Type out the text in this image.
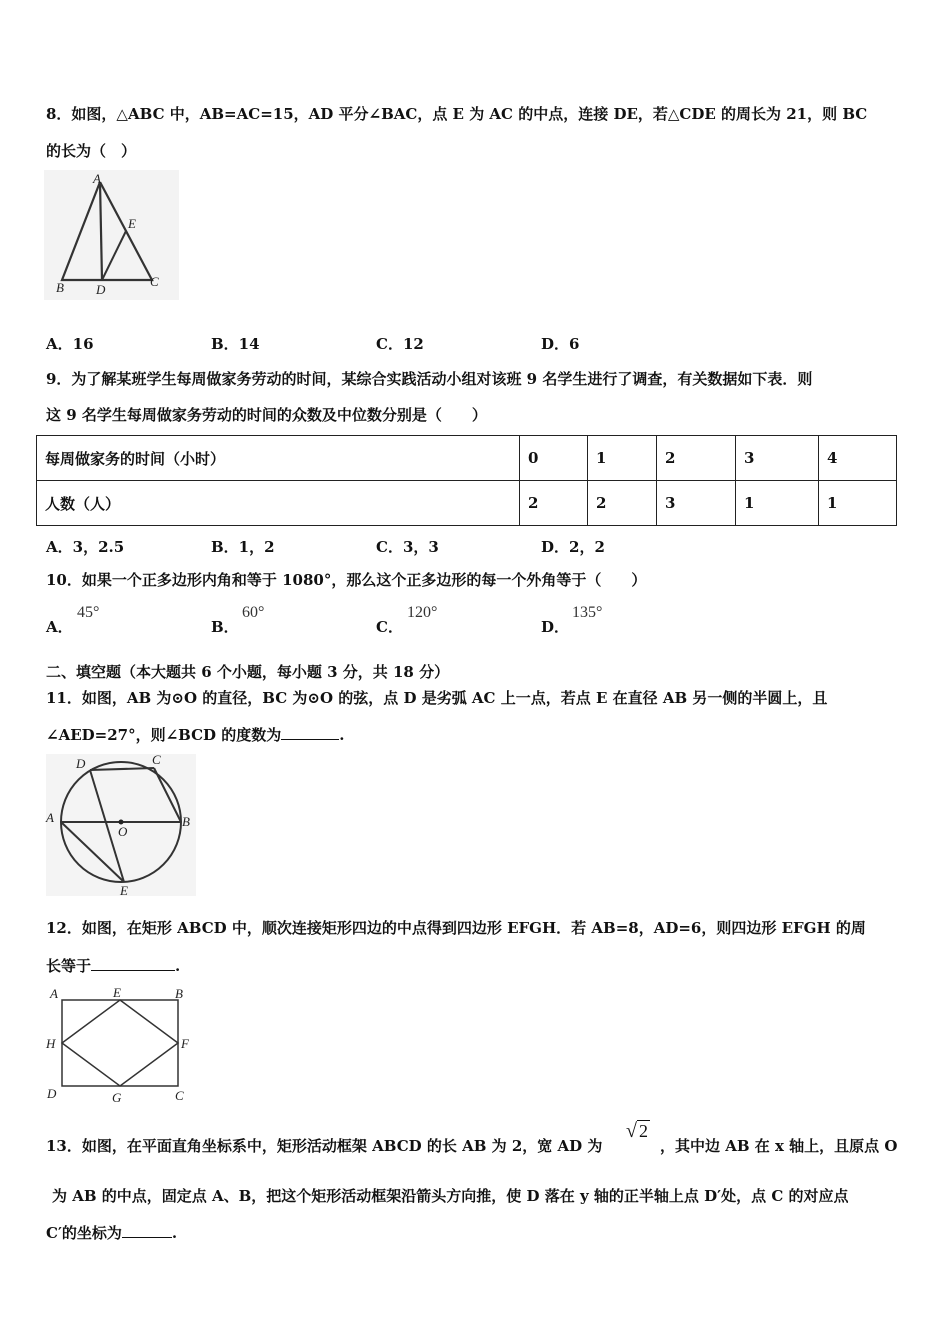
8．如图，△ABC 中，AB=AC=15，AD 平分∠BAC，点 E 为 AC 的中点，连接 DE，若△CDE 的周长为 21，则 BC
的长为（　）
A
E
B D
C
A．16	B．14	C．12	D．6
9．为了解某班学生每周做家务劳动的时间，某综合实践活动小组对该班 9 名学生进行了调查，有关数据如下表．则
这 9 名学生每周做家务劳动的时间的众数及中位数分别是（　　）
每周做家务的时间（小时）	0	1	2	3	4
人数（人）	2	2	3	1	1
A．3，2.5	B．1，2	C．3，3	D．2，2
10．如果一个正多边形内角和等于 1080°，那么这个正多边形的每一个外角等于（　　）
A．
45°
B．
60°
C．
120°
D．
135°
二、填空题（本大题共 6 个小题，每小题 3 分，共 18 分）
11．如图，AB 为⊙O 的直径，BC 为⊙O 的弦，点 D 是劣弧 AC 上一点，若点 E 在直径 AB 另一侧的半圆上，且
∠AED=27°，则∠BCD 的度数为	.
D	C
A
O
B
E
12．如图，在矩形 ABCD 中，顺次连接矩形四边的中点得到四边形 EFGH．若 AB=8，AD=6，则四边形 EFGH 的周
长等于	.
A	E	B
H	F
D	G	C
13．如图，在平面直角坐标系中，矩形活动框架 ABCD 的长 AB 为 2，宽 AD 为
√ 2
，其中边 AB 在 x 轴上，且原点 O
为 AB 的中点，固定点 A、B，把这个矩形活动框架沿箭头方向推，使 D 落在 y 轴的正半轴上点 D′处，点 C 的对应点
C′的坐标为	.
